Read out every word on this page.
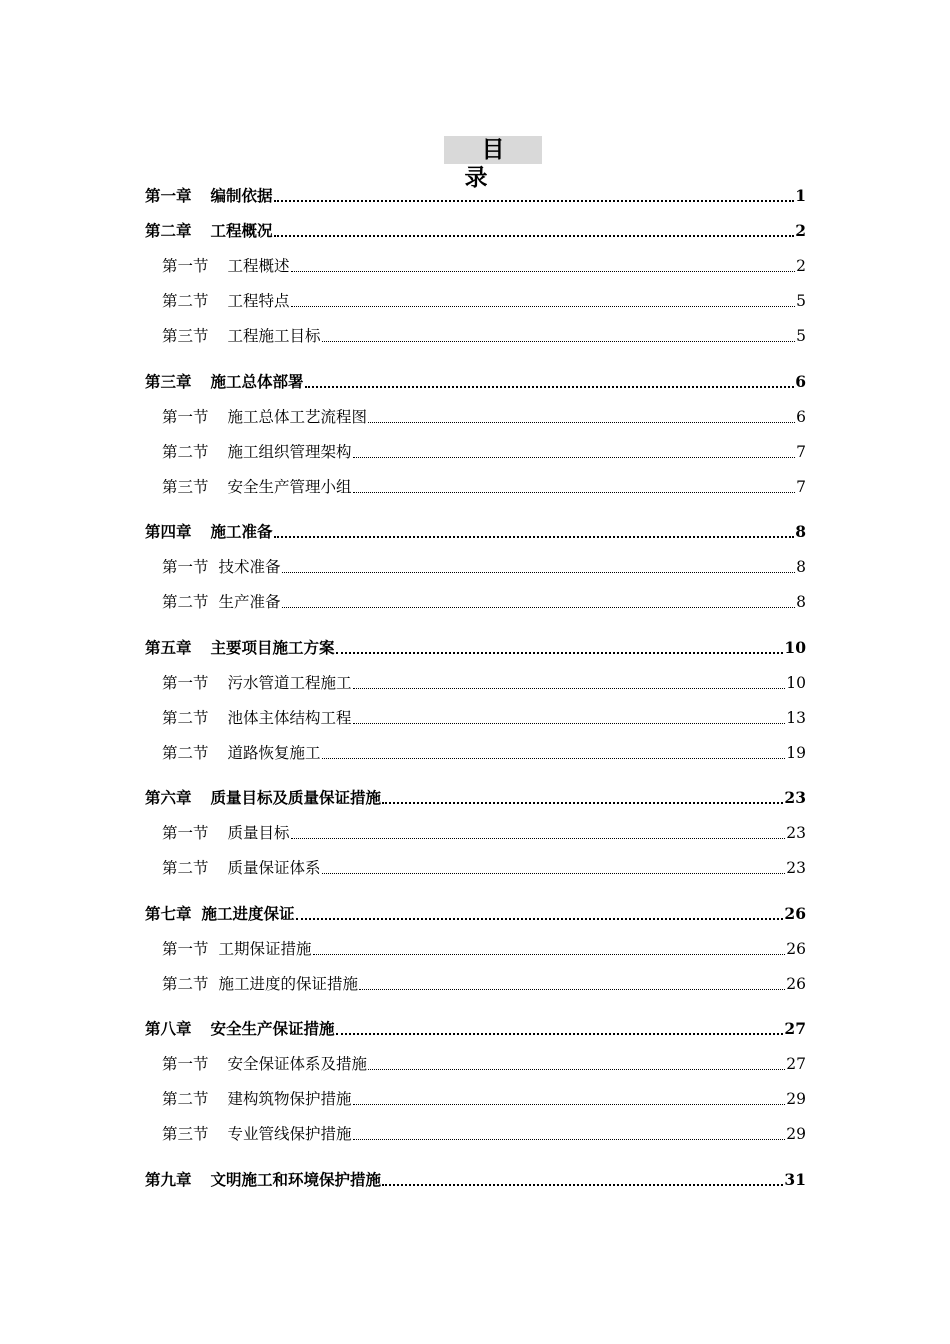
目录
第一章 编制依据	1
第二章 工程概况	2
第一节 工程概述	2
第二节 工程特点	5
第三节 工程施工目标	5
第三章 施工总体部署	6
第一节 施工总体工艺流程图	6
第二节 施工组织管理架构	7
第三节 安全生产管理小组	7
第四章 施工准备	8
第一节 技术准备	8
第二节 生产准备	8
第五章 主要项目施工方案	10
第一节 污水管道工程施工	10
第二节 池体主体结构工程	13
第二节 道路恢复施工	19
第六章 质量目标及质量保证措施	23
第一节 质量目标	23
第二节 质量保证体系	23
第七章 施工进度保证	26
第一节 工期保证措施	26
第二节 施工进度的保证措施	26
第八章 安全生产保证措施	27
第一节 安全保证体系及措施	27
第二节 建构筑物保护措施	29
第三节 专业管线保护措施	29
第九章 文明施工和环境保护措施	31
